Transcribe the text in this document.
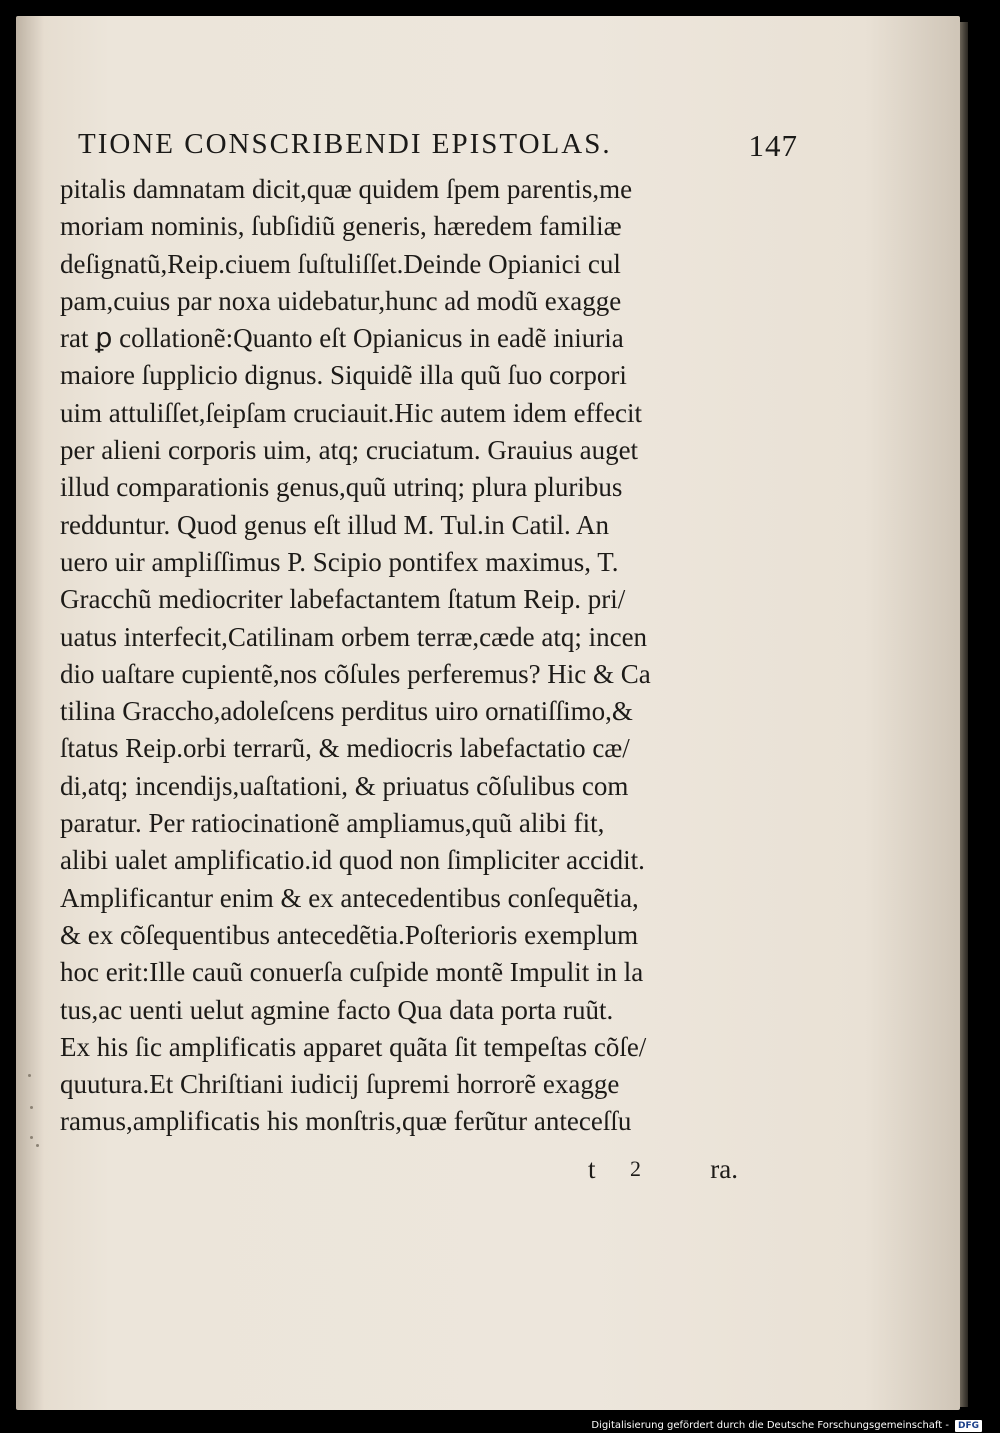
TIONE CONSCRIBENDI EPISTOLAS.	147
pitalis damnatam dicit,quæ quidem ſpem parentis,me
moriam nominis, ſubſidiũ generis, hæredem familiæ
deſignatũ,Reip.ciuem ſuſtuliſſet.Deinde Opianici cul
pam,cuius par noxa uidebatur,hunc ad modũ exagge
rat ꝑ collationẽ:Quanto eſt Opianicus in eadẽ iniuria
maiore ſupplicio dignus. Siquidẽ illa quũ ſuo corpori
uim attuliſſet,ſeipſam cruciauit.Hic autem idem effecit
per alieni corporis uim, atq; cruciatum. Grauius auget
illud comparationis genus,quũ utrinq; plura pluribus
redduntur. Quod genus eſt illud M. Tul.in Catil. An
uero uir ampliſſimus P. Scipio pontifex maximus, T.
Gracchũ mediocriter labefactantem ſtatum Reip. pri/
uatus interfecit,Catilinam orbem terræ,cæde atq; incen
dio uaſtare cupientẽ,nos cõſules perferemus? Hic & Ca
tilina Graccho,adoleſcens perditus uiro ornatiſſimo,&
ſtatus Reip.orbi terrarũ, & mediocris labefactatio cæ/
di,atq; incendijs,uaſtationi, & priuatus cõſulibus com
paratur. Per ratiocinationẽ ampliamus,quũ alibi fit,
alibi ualet amplificatio.id quod non ſimpliciter accidit.
Amplificantur enim & ex antecedentibus conſequẽtia,
& ex cõſequentibus antecedẽtia.Poſterioris exemplum
hoc erit:Ille cauũ conuerſa cuſpide montẽ Impulit in la
tus,ac uenti uelut agmine facto Qua data porta ruũt.
Ex his ſic amplificatis apparet quãta ſit tempeſtas cõſe/
quutura.Et Chriſtiani iudicij ſupremi horrorẽ exagge
ramus,amplificatis his monſtris,quæ ferũtur anteceſſu
t 2	ra.
Digitalisierung gefördert durch die Deutsche Forschungsgemeinschaft -	DFG
